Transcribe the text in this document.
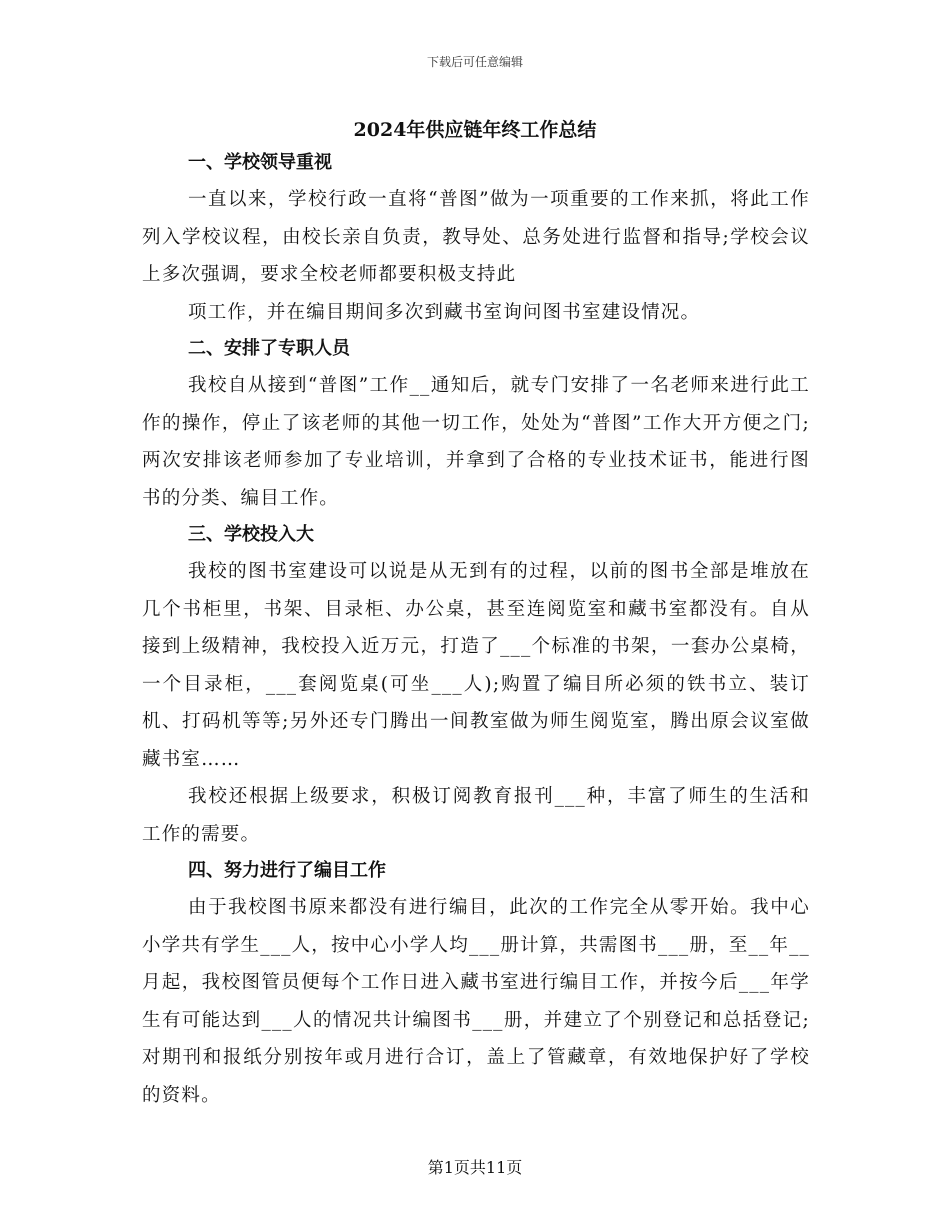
下载后可任意编辑
2024年供应链年终工作总结
一、学校领导重视

一直以来，学校行政一直将“普图”做为一项重要的工作来抓，将此工作列入学校议程，由校长亲自负责，教导处、总务处进行监督和指导;学校会议上多次强调，要求全校老师都要积极支持此

项工作，并在编目期间多次到藏书室询问图书室建设情况。

二、安排了专职人员

我校自从接到“普图”工作__通知后，就专门安排了一名老师来进行此工作的操作，停止了该老师的其他一切工作，处处为“普图”工作大开方便之门;两次安排该老师参加了专业培训，并拿到了合格的专业技术证书，能进行图书的分类、编目工作。

三、学校投入大

我校的图书室建设可以说是从无到有的过程，以前的图书全部是堆放在几个书柜里，书架、目录柜、办公桌，甚至连阅览室和藏书室都没有。自从接到上级精神，我校投入近万元，打造了___个标准的书架，一套办公桌椅，一个目录柜，___套阅览桌(可坐___人);购置了编目所必须的铁书立、装订机、打码机等等;另外还专门腾出一间教室做为师生阅览室，腾出原会议室做藏书室……

我校还根据上级要求，积极订阅教育报刊___种，丰富了师生的生活和工作的需要。

四、努力进行了编目工作

由于我校图书原来都没有进行编目，此次的工作完全从零开始。我中心小学共有学生___人，按中心小学人均___册计算，共需图书___册，至__年__月起，我校图管员便每个工作日进入藏书室进行编目工作，并按今后___年学生有可能达到___人的情况共计编图书___册，并建立了个别登记和总括登记;对期刊和报纸分别按年或月进行合订，盖上了管藏章，有效地保护好了学校的资料。

第1页共11页
